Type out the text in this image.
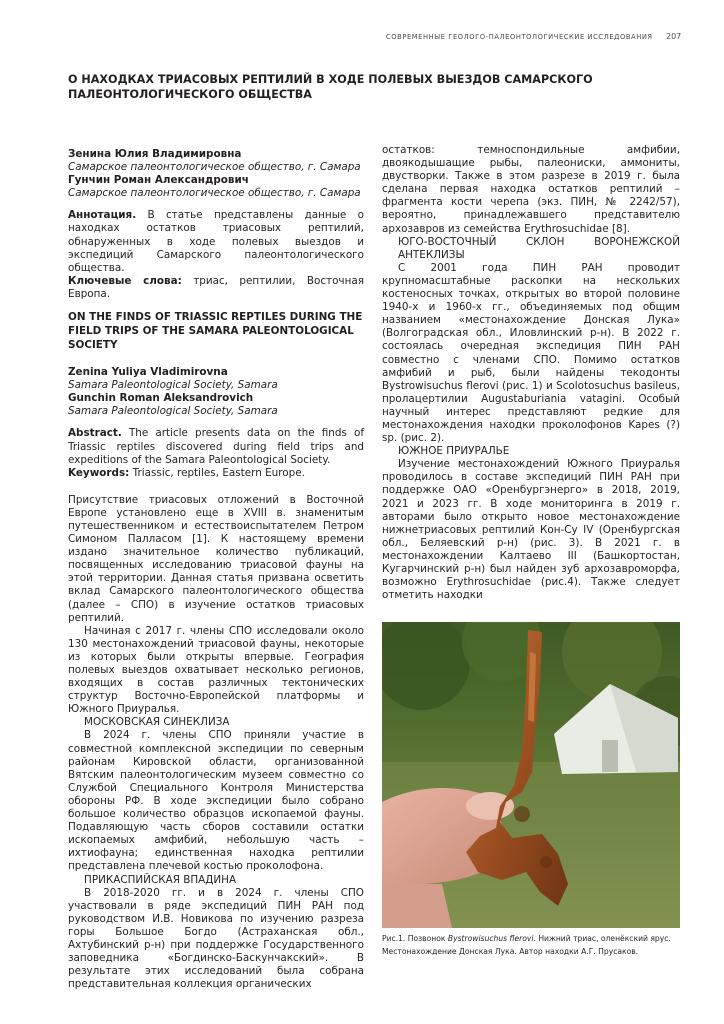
СОВРЕМЕННЫЕ ГЕОЛОГО-ПАЛЕОНТОЛОГИЧЕСКИЕ ИССЛЕДОВАНИЯ 207
О НАХОДКАХ ТРИАСОВЫХ РЕПТИЛИЙ В ХОДЕ ПОЛЕВЫХ ВЫЕЗДОВ САМАРСКОГО ПАЛЕОНТОЛОГИЧЕСКОГО ОБЩЕСТВА

Зенина Юлия Владимировна

Самарское палеонтологическое общество, г. Самара

Гунчин Роман Александрович

Самарское палеонтологическое общество, г. Самара

Аннотация. В статье представлены данные о находках остатков триасовых рептилий, обнаруженных в ходе полевых выездов и экспедиций Самарского палеонтологического общества.

Ключевые слова: триас, рептилии, Восточная Европа.

ON THE FINDS OF TRIASSIC REPTILES DURING THE FIELD TRIPS OF THE SAMARA PALEONTOLOGICAL SOCIETY

Zenina Yuliya Vladimirovna

Samara Paleontological Society, Samara

Gunchin Roman Aleksandrovich

Samara Paleontological Society, Samara

Abstract. The article presents data on the finds of Triassic reptiles discovered during field trips and expeditions of the Samara Paleontological Society.

Keywords: Triassic, reptiles, Eastern Europe.

Присутствие триасовых отложений в Восточной Европе установлено еще в XVIII в. знаменитым путешественником и естествоиспытателем Петром Симоном Палласом [1]. К настоящему времени издано значительное количество публикаций, посвященных исследованию триасовой фауны на этой территории. Данная статья призвана осветить вклад Самарского палеонтологического общества (далее – СПО) в изучение остатков триасовых рептилий.

Начиная с 2017 г. члены СПО исследовали около 130 местонахождений триасовой фауны, некоторые из которых были открыты впервые. География полевых выездов охватывает несколько регионов, входящих в состав различных тектонических структур Восточно-Европейской платформы и Южного Приуралья.

МОСКОВСКАЯ СИНЕКЛИЗА

В 2024 г. члены СПО приняли участие в совместной комплексной экспедиции по северным районам Кировской области, организованной Вятским палеонтологическим музеем совместно со Службой Специального Контроля Министерства обороны РФ. В ходе экспедиции было собрано большое количество образцов ископаемой фауны. Подавляющую часть сборов составили остатки ископаемых амфибий, небольшую часть – ихтиофауна; единственная находка рептилии представлена плечевой костью проколофона.

ПРИКАСПИЙСКАЯ ВПАДИНА

В 2018-2020 гг. и в 2024 г. члены СПО участвовали в ряде экспедиций ПИН РАН под руководством И.В. Новикова по изучению разреза горы Большое Богдо (Астраханская обл., Ахтубинский р-н) при поддержке Государственного заповедника «Богдинско-Баскунчакский». В результате этих исследований была собрана представительная коллекция органических

остатков: темноспондильные амфибии, двоякодышащие рыбы, палеониски, аммониты, двустворки. Также в этом разрезе в 2019 г. была сделана первая находка остатков рептилий – фрагмента кости черепа (экз. ПИН, № 2242/57), вероятно, принадлежавшего представителю архозавров из семейства Erythrosuchidae [8].

ЮГО-ВОСТОЧНЫЙ СКЛОН ВОРОНЕЖСКОЙ АНТЕКЛИЗЫ

С 2001 года ПИН РАН проводит крупномасштабные раскопки на нескольких костеносных точках, открытых во второй половине 1940-х и 1960-х гг., объединяемых под общим названием «местонахождение Донская Лука» (Волгоградская обл., Иловлинский р-н). В 2022 г. состоялась очередная экспедиция ПИН РАН совместно с членами СПО. Помимо остатков амфибий и рыб, были найдены текодонты Bystrowisuchus flerovi (рис. 1) и Scolotosuchus basileus, пролацертилии Augustaburiania vatagini. Особый научный интерес представляют редкие для местонахождения находки проколофонов Kapes (?) sp. (рис. 2).

ЮЖНОЕ ПРИУРАЛЬЕ

Изучение местонахождений Южного Приуралья проводилось в составе экспедиций ПИН РАН при поддержке ОАО «Оренбургэнерго» в 2018, 2019, 2021 и 2023 гг. В ходе мониторинга в 2019 г. авторами было открыто новое местонахождение нижнетриасовых рептилий Кон-Су IV (Оренбургская обл., Беляевский р-н) (рис. 3). В 2021 г. в местонахождении Калтаево III (Башкортостан, Кугарчинский р-н) был найден зуб архозавроморфа, возможно Erythrosuchidae (рис.4). Также следует отметить находки

Рис.1. Позвонок Bystrowisuchus flerovi. Нижний триас, оленёкский ярус. Местонахождение Донская Лука. Автор находки А.Г. Прусаков.
